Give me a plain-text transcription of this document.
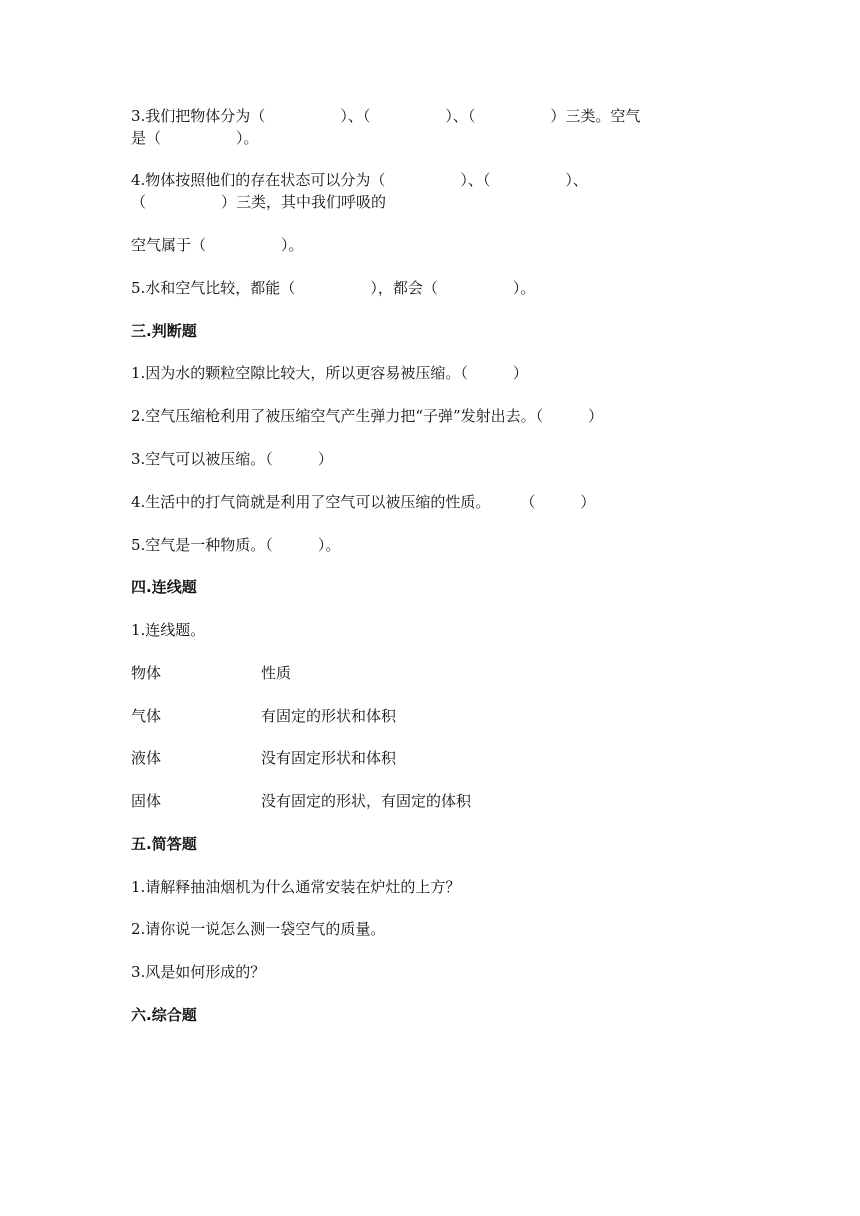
3.我们把物体分为（　　　　　）、（　　　　　）、（　　　　　）三类。空气
是（　　　　　）。
4.物体按照他们的存在状态可以分为（　　　　　）、（　　　　　）、
（　　　　　）三类，其中我们呼吸的
空气属于（　　　　　）。
5.水和空气比较，都能（　　　　　），都会（　　　　　）。
三.判断题
1.因为水的颗粒空隙比较大，所以更容易被压缩。（　　　）
2.空气压缩枪利用了被压缩空气产生弹力把“子弹”发射出去。（　　　）
3.空气可以被压缩。（　　　）
4.生活中的打气筒就是利用了空气可以被压缩的性质。　　　（　　　）
5.空气是一种物质。（　　　）。
四.连线题
1.连线题。
物体	性质
气体	有固定的形状和体积
液体	没有固定形状和体积
固体	没有固定的形状，有固定的体积
五.简答题
1.请解释抽油烟机为什么通常安装在炉灶的上方？
2.请你说一说怎么测一袋空气的质量。
3.风是如何形成的？
六.综合题
